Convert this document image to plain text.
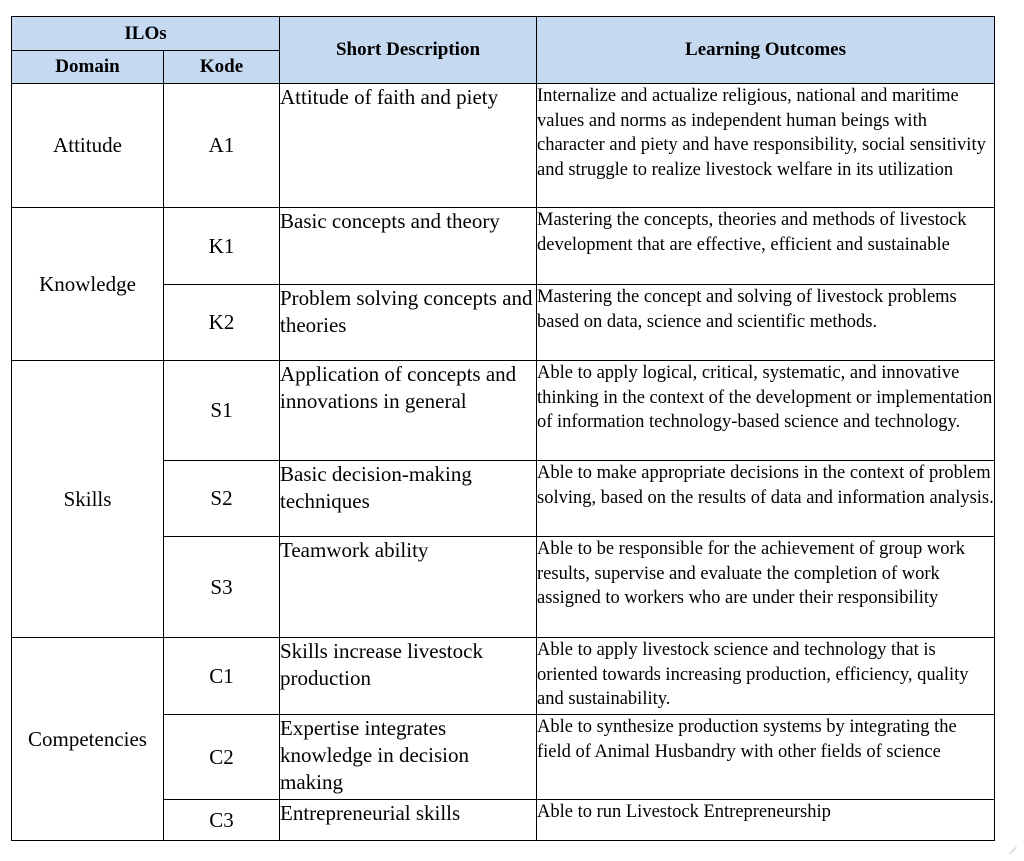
ILOs		Short Description	Learning Outcomes
Domain	Kode		
Attitude	A1	Attitude of faith and piety	Internalize and actualize religious, national and maritime values and norms as independent human beings with character and piety and have responsibility, social sensitivity and struggle to realize livestock welfare in its utilization
Knowledge	K1	Basic concepts and theory	Mastering the concepts, theories and methods of livestock development that are effective, efficient and sustainable
	K2	Problem solving concepts and theories	Mastering the concept and solving of livestock problems based on data, science and scientific methods.
Skills	S1	Application of concepts and innovations in general	Able to apply logical, critical, systematic, and innovative thinking in the context of the development or implementation of information technology-based science and technology.
	S2	Basic decision-making techniques	Able to make appropriate decisions in the context of problem solving, based on the results of data and information analysis.
	S3	Teamwork ability	Able to be responsible for the achievement of group work results, supervise and evaluate the completion of work assigned to workers who are under their responsibility
Competencies	C1	Skills increase livestock production	Able to apply livestock science and technology that is oriented towards increasing production, efficiency, quality and sustainability.
	C2	Expertise integrates knowledge in decision making	Able to synthesize production systems by integrating the field of Animal Husbandry with other fields of science
	C3	Entrepreneurial skills	Able to run Livestock Entrepreneurship
